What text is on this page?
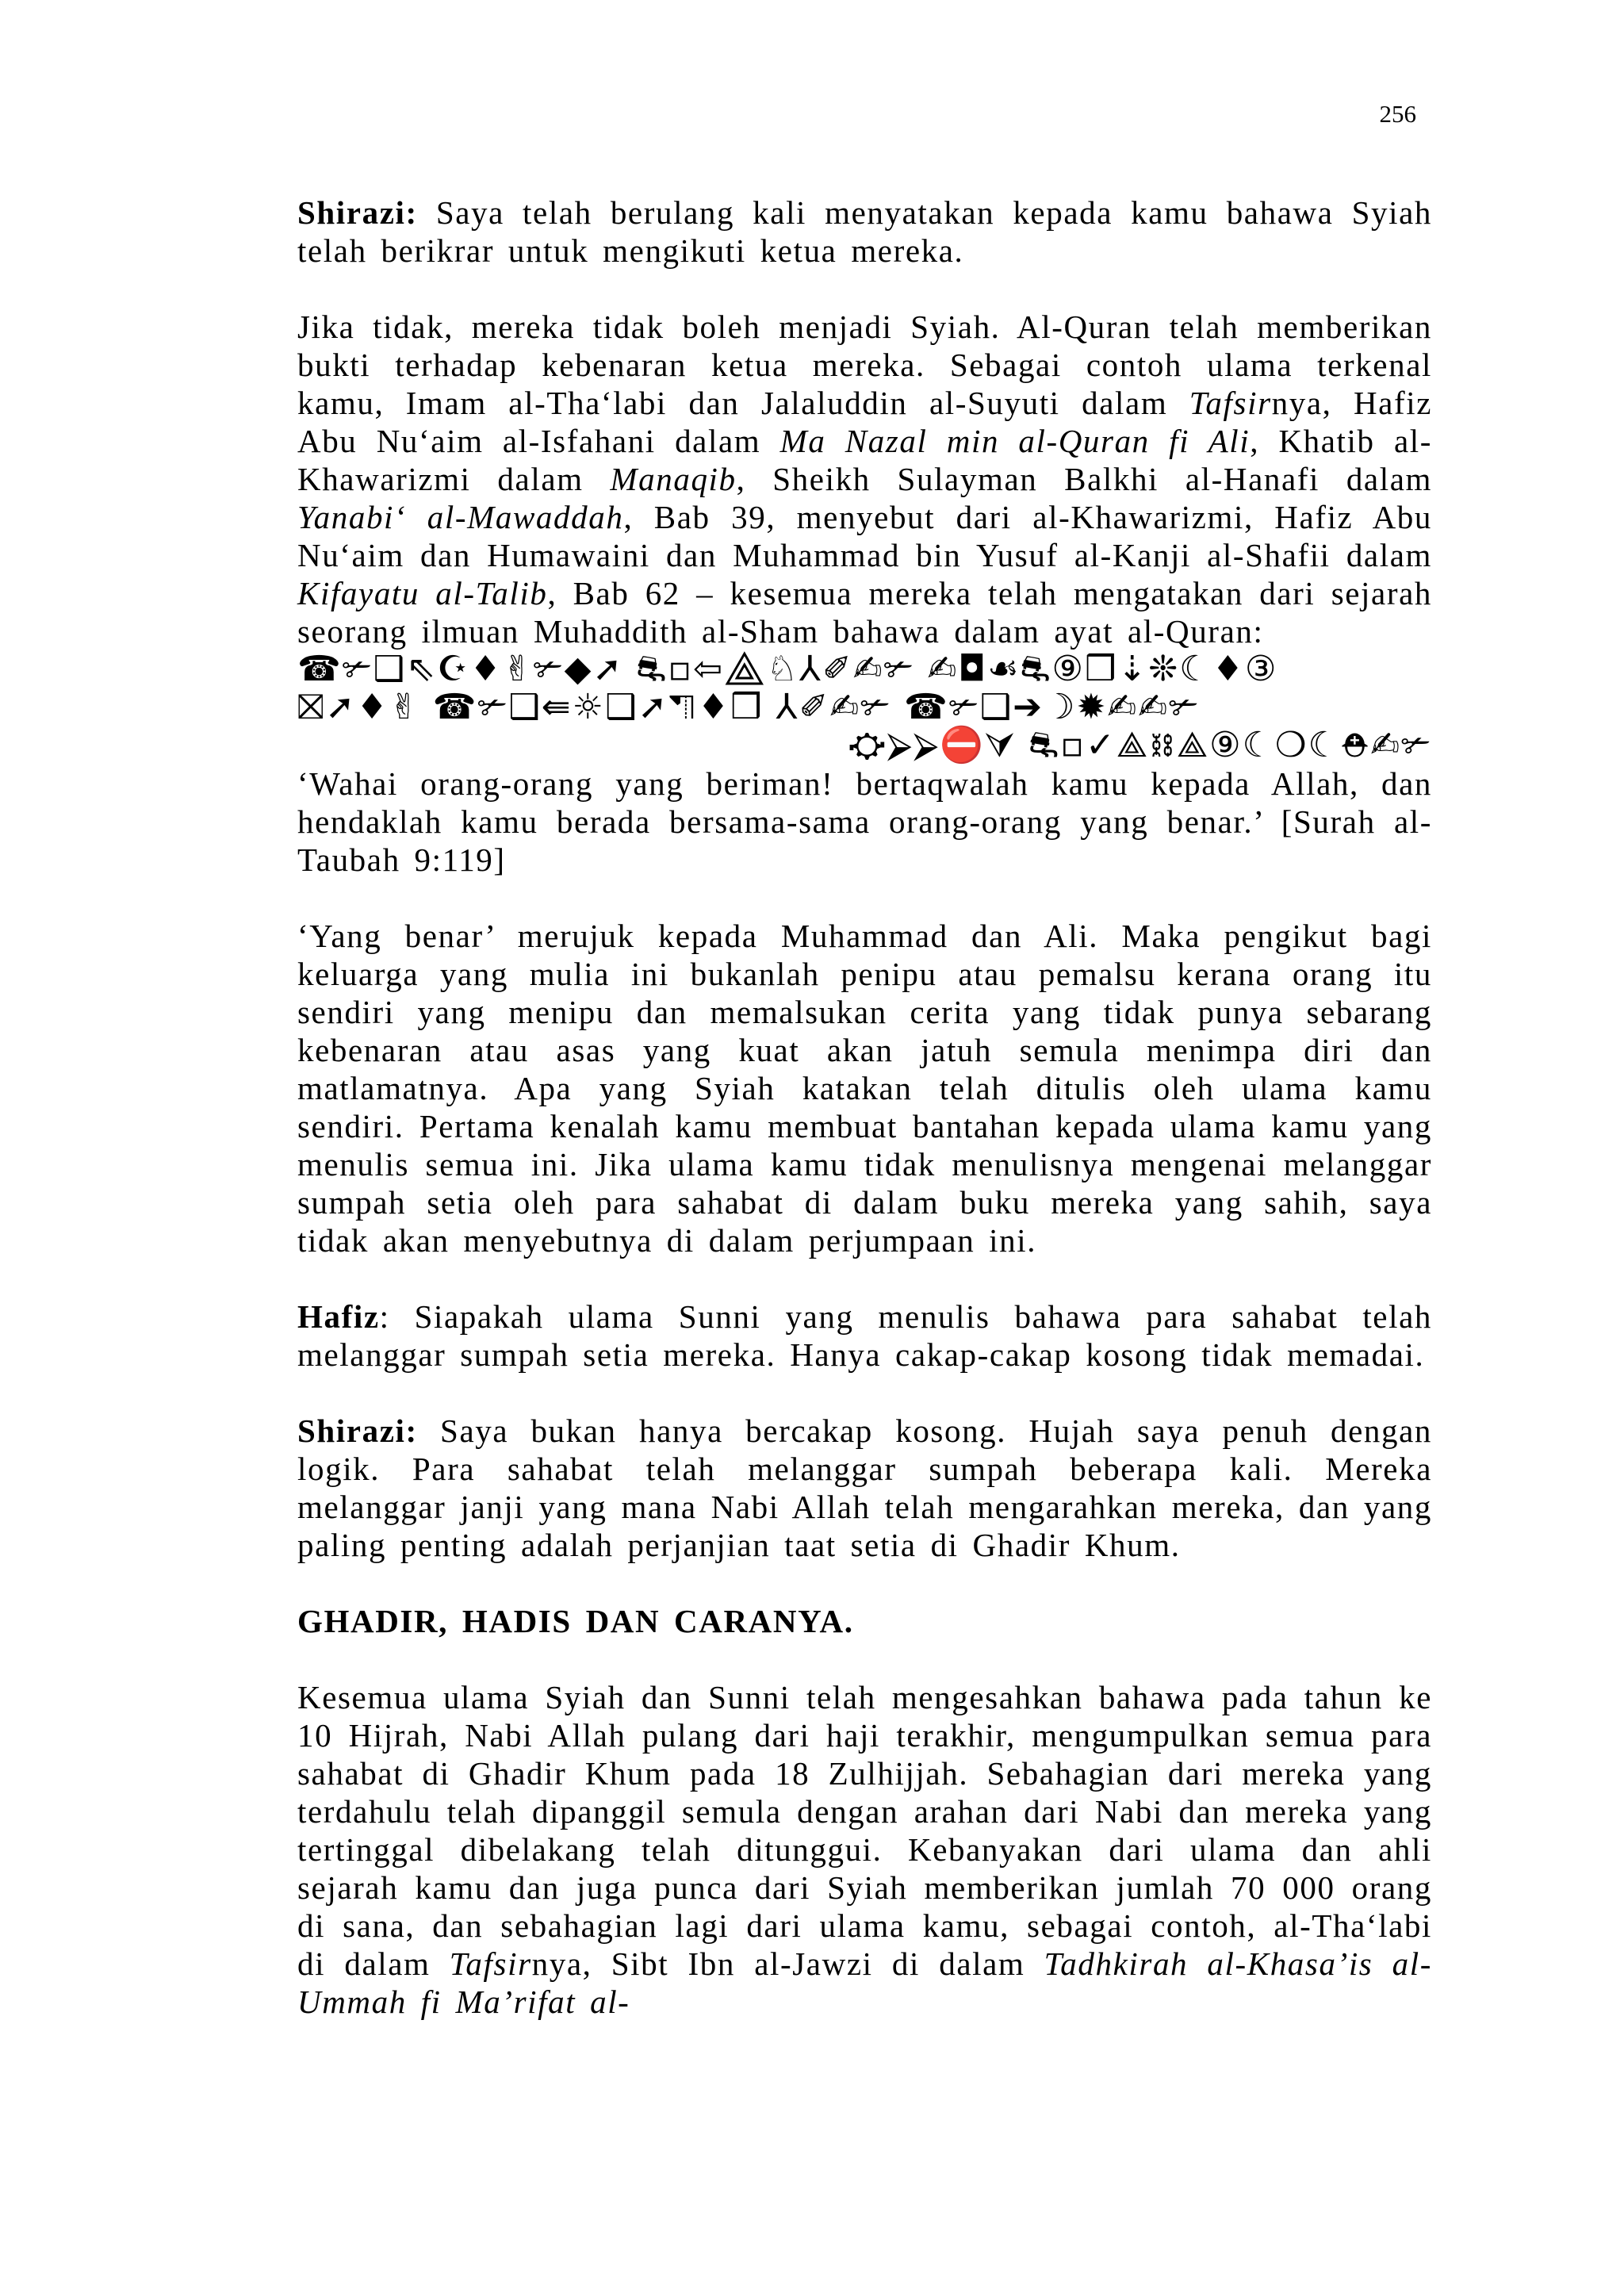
256

Shirazi: Saya telah berulang kali menyatakan kepada kamu bahawa Syiah telah berikrar untuk mengikuti ketua mereka.

Jika tidak, mereka tidak boleh menjadi Syiah. Al-Quran telah memberikan bukti terhadap kebenaran ketua mereka. Sebagai contoh ulama terkenal kamu, Imam al-Tha‘labi dan Jalaluddin al-Suyuti dalam Tafsirnya, Hafiz Abu Nu‘aim al-Isfahani dalam Ma Nazal min al-Quran fi Ali, Khatib al-Khawarizmi dalam Manaqib, Sheikh Sulayman Balkhi al-Hanafi dalam Yanabi‘ al-Mawaddah, Bab 39, menyebut dari al-Khawarizmi, Hafiz Abu Nu‘aim dan Humawaini dan Muhammad bin Yusuf al-Kanji al-Shafii dalam Kifayatu al-Talib, Bab 62 – kesemua mereka telah mengatakan dari sejarah seorang ilmuan Muhaddith al-Sham bahawa dalam ayat al-Quran:

☎✃❑⇖☪♦✌✃◆➚ ⛐▫⇦⟁♘⅄✐✍✃ ✍◘☙⛐⑨❒⇣❊☾♦③
⛝➚♦✌ ☎✃❑⇚☼❑➚⛠♦❒ ⅄✐✍✃ ☎✃❑➔☽✹✍✍✃
⛮⮚⮚⛔⮛ ⛐▫✓⟁⛓⟁⑨☾❍☾⛑✍✃

‘Wahai orang-orang yang beriman! bertaqwalah kamu kepada Allah, dan hendaklah kamu berada bersama-sama orang-orang yang benar.’ [Surah al-Taubah 9:119]

‘Yang benar’ merujuk kepada Muhammad dan Ali. Maka pengikut bagi keluarga yang mulia ini bukanlah penipu atau pemalsu kerana orang itu sendiri yang menipu dan memalsukan cerita yang tidak punya sebarang kebenaran atau asas yang kuat akan jatuh semula menimpa diri dan matlamatnya. Apa yang Syiah katakan telah ditulis oleh ulama kamu sendiri. Pertama kenalah kamu membuat bantahan kepada ulama kamu yang menulis semua ini. Jika ulama kamu tidak menulisnya mengenai melanggar sumpah setia oleh para sahabat di dalam buku mereka yang sahih, saya tidak akan menyebutnya di dalam perjumpaan ini.

Hafiz: Siapakah ulama Sunni yang menulis bahawa para sahabat telah melanggar sumpah setia mereka. Hanya cakap-cakap kosong tidak memadai.

Shirazi: Saya bukan hanya bercakap kosong. Hujah saya penuh dengan logik. Para sahabat telah melanggar sumpah beberapa kali. Mereka melanggar janji yang mana Nabi Allah telah mengarahkan mereka, dan yang paling penting adalah perjanjian taat setia di Ghadir Khum.

GHADIR, HADIS DAN CARANYA.

Kesemua ulama Syiah dan Sunni telah mengesahkan bahawa pada tahun ke 10 Hijrah, Nabi Allah pulang dari haji terakhir, mengumpulkan semua para sahabat di Ghadir Khum pada 18 Zulhijjah. Sebahagian dari mereka yang terdahulu telah dipanggil semula dengan arahan dari Nabi dan mereka yang tertinggal dibelakang telah ditunggui. Kebanyakan dari ulama dan ahli sejarah kamu dan juga punca dari Syiah memberikan jumlah 70 000 orang di sana, dan sebahagian lagi dari ulama kamu, sebagai contoh, al-Tha‘labi di dalam Tafsirnya, Sibt Ibn al-Jawzi di dalam Tadhkirah al-Khasa’is al-Ummah fi Ma’rifat al-
